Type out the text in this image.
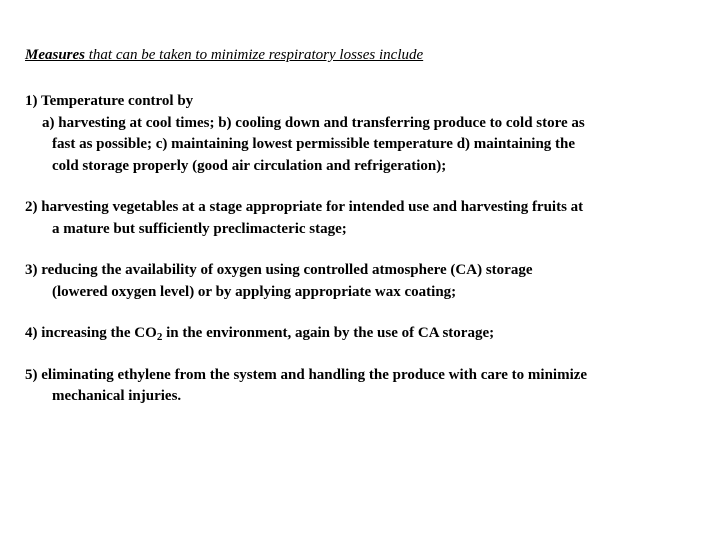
Measures that can be taken to minimize respiratory losses include
1) Temperature control by
a) harvesting at cool times; b) cooling down and transferring produce to cold store as
fast as possible; c) maintaining lowest permissible temperature d) maintaining the
cold storage properly (good air circulation and refrigeration);
2) harvesting vegetables at a stage appropriate for intended use and harvesting fruits at
a mature but sufficiently preclimacteric stage;
3) reducing the availability of oxygen using controlled atmosphere (CA) storage
(lowered oxygen level) or by applying appropriate wax coating;
4) increasing the $CO_2$ in the environment, again by the use of CA storage;
5) eliminating ethylene from the system and handling the produce with care to minimize
mechanical injuries.
